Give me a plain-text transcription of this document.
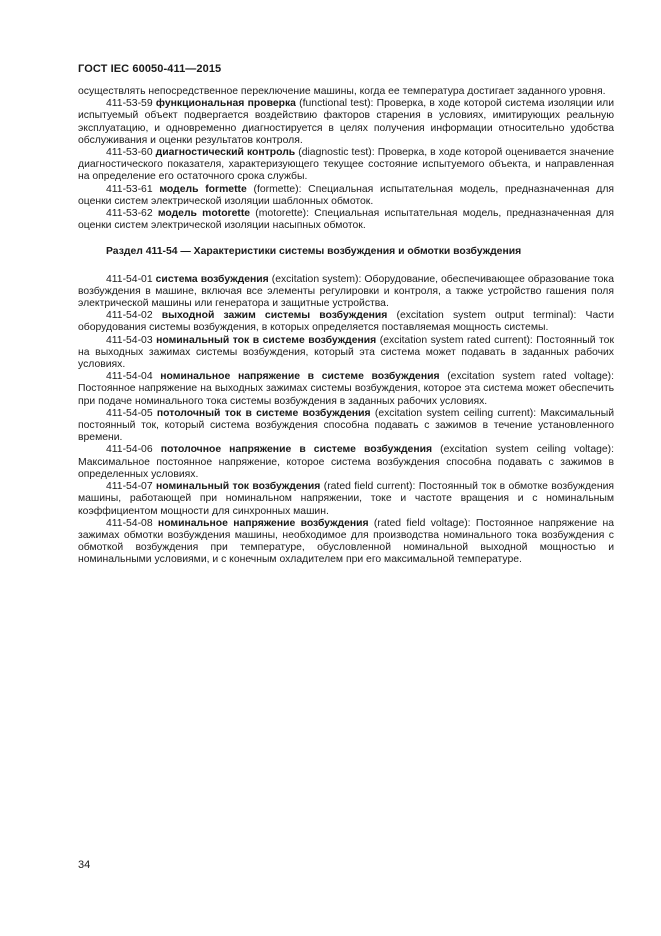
ГОСТ IEC 60050-411—2015

осуществлять непосредственное переключение машины, когда ее температура достигает заданного уровня.

411-53-59 функциональная проверка (functional test): Проверка, в ходе которой система изоляции или испытуемый объект подвергается воздействию факторов старения в условиях, имитирующих реальную эксплуатацию, и одновременно диагностируется в целях получения информации относительно удобства обслуживания и оценки результатов контроля.

411-53-60 диагностический контроль (diagnostic test): Проверка, в ходе которой оценивается значение диагностического показателя, характеризующего текущее состояние испытуемого объекта, и направленная на определение его остаточного срока службы.

411-53-61 модель formette (formette): Специальная испытательная модель, предназначенная для оценки систем электрической изоляции шаблонных обмоток.

411-53-62 модель motorette (motorette): Специальная испытательная модель, предназначенная для оценки систем электрической изоляции насыпных обмоток.

Раздел 411-54 — Характеристики системы возбуждения и обмотки возбуждения

411-54-01 система возбуждения (excitation system): Оборудование, обеспечивающее образование тока возбуждения в машине, включая все элементы регулировки и контроля, а также устройство гашения поля электрической машины или генератора и защитные устройства.

411-54-02 выходной зажим системы возбуждения (excitation system output terminal): Части оборудования системы возбуждения, в которых определяется поставляемая мощность системы.

411-54-03 номинальный ток в системе возбуждения (excitation system rated current): Постоянный ток на выходных зажимах системы возбуждения, который эта система может подавать в заданных рабочих условиях.

411-54-04 номинальное напряжение в системе возбуждения (excitation system rated voltage): Постоянное напряжение на выходных зажимах системы возбуждения, которое эта система может обеспечить при подаче номинального тока системы возбуждения в заданных рабочих условиях.

411-54-05 потолочный ток в системе возбуждения (excitation system ceiling current): Максимальный постоянный ток, который система возбуждения способна подавать с зажимов в течение установленного времени.

411-54-06 потолочное напряжение в системе возбуждения (excitation system ceiling voltage): Максимальное постоянное напряжение, которое система возбуждения способна подавать с зажимов в определенных условиях.

411-54-07 номинальный ток возбуждения (rated field current): Постоянный ток в обмотке возбуждения машины, работающей при номинальном напряжении, токе и частоте вращения и с номинальным коэффициентом мощности для синхронных машин.

411-54-08 номинальное напряжение возбуждения (rated field voltage): Постоянное напряжение на зажимах обмотки возбуждения машины, необходимое для производства номинального тока возбуждения с обмоткой возбуждения при температуре, обусловленной номинальной выходной мощностью и номинальными условиями, и с конечным охладителем при его максимальной температуре.

34
